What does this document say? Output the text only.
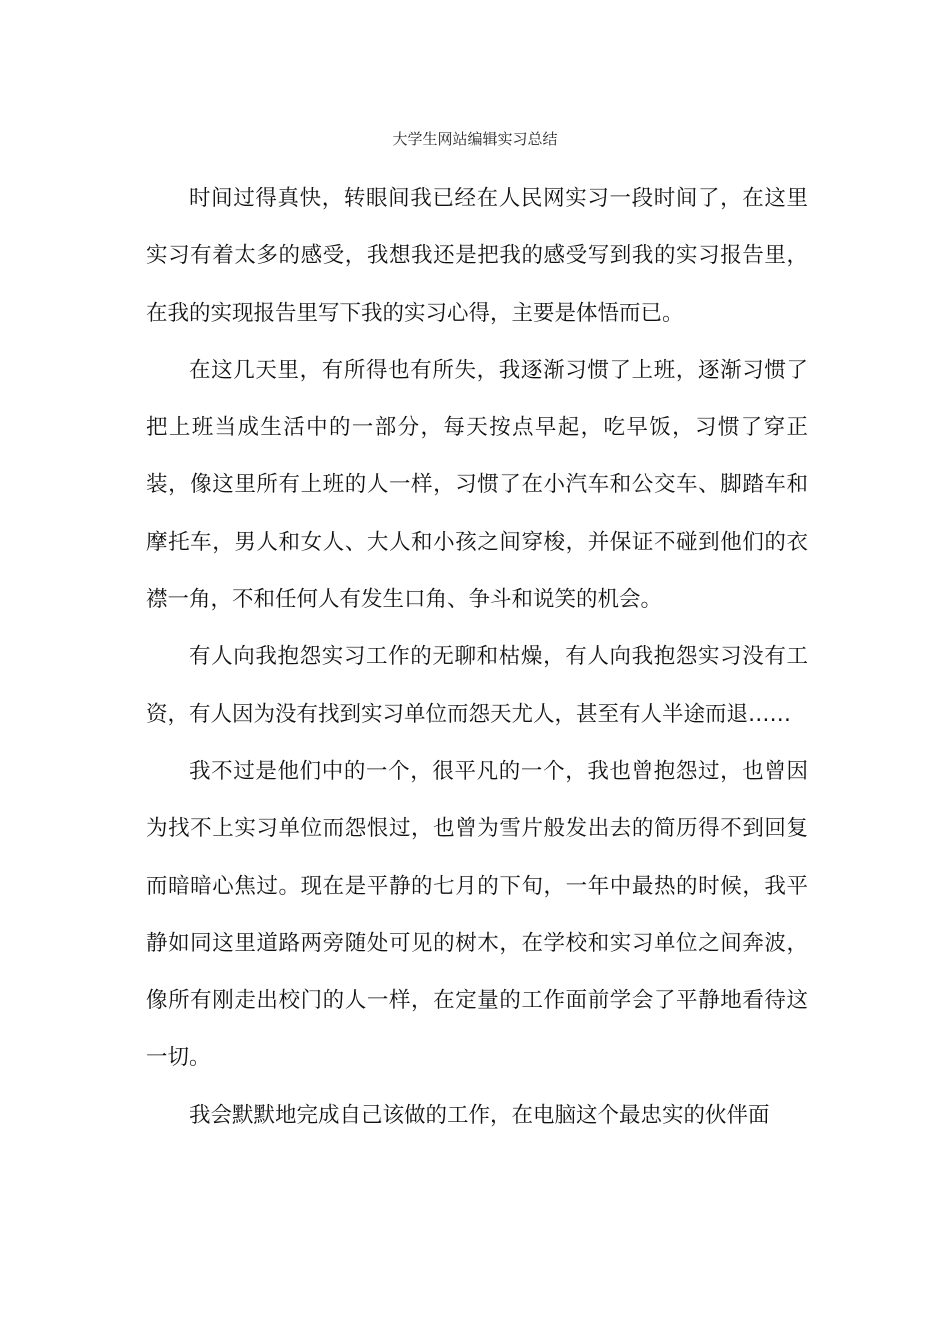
大学生网站编辑实习总结

时间过得真快，转眼间我已经在人民网实习一段时间了，在这里实习有着太多的感受，我想我还是把我的感受写到我的实习报告里，在我的实现报告里写下我的实习心得，主要是体悟而已。

在这几天里，有所得也有所失，我逐渐习惯了上班，逐渐习惯了把上班当成生活中的一部分，每天按点早起，吃早饭，习惯了穿正装，像这里所有上班的人一样，习惯了在小汽车和公交车、脚踏车和摩托车，男人和女人、大人和小孩之间穿梭，并保证不碰到他们的衣襟一角，不和任何人有发生口角、争斗和说笑的机会。

有人向我抱怨实习工作的无聊和枯燥，有人向我抱怨实习没有工资，有人因为没有找到实习单位而怨天尤人，甚至有人半途而退……

我不过是他们中的一个，很平凡的一个，我也曾抱怨过，也曾因为找不上实习单位而怨恨过，也曾为雪片般发出去的简历得不到回复而暗暗心焦过。现在是平静的七月的下旬，一年中最热的时候，我平静如同这里道路两旁随处可见的树木，在学校和实习单位之间奔波，像所有刚走出校门的人一样，在定量的工作面前学会了平静地看待这一切。

我会默默地完成自己该做的工作，在电脑这个最忠实的伙伴面
